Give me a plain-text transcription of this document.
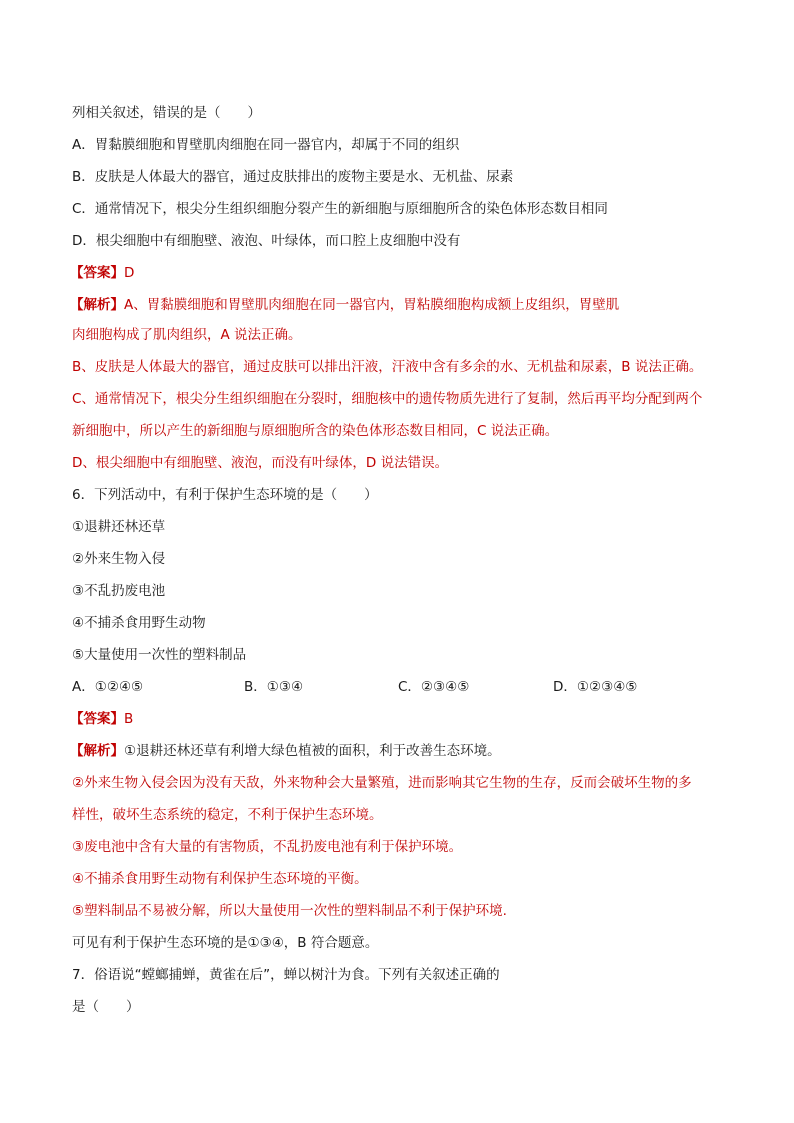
列相关叙述，错误的是（　　）
A．胃黏膜细胞和胃壁肌肉细胞在同一器官内，却属于不同的组织
B．皮肤是人体最大的器官，通过皮肤排出的废物主要是水、无机盐、尿素
C．通常情况下，根尖分生组织细胞分裂产生的新细胞与原细胞所含的染色体形态数目相同
D．根尖细胞中有细胞壁、液泡、叶绿体，而口腔上皮细胞中没有
【答案】D
【解析】A、胃黏膜细胞和胃壁肌肉细胞在同一器官内，胃粘膜细胞构成额上皮组织，胃壁肌
肉细胞构成了肌肉组织，A 说法正确。
B、皮肤是人体最大的器官，通过皮肤可以排出汗液，汗液中含有多余的水、无机盐和尿素，B 说法正确。
C、通常情况下，根尖分生组织细胞在分裂时，细胞核中的遗传物质先进行了复制，然后再平均分配到两个
新细胞中，所以产生的新细胞与原细胞所含的染色体形态数目相同，C 说法正确。
D、根尖细胞中有细胞壁、液泡，而没有叶绿体，D 说法错误。
6．下列活动中，有利于保护生态环境的是（　　）
①退耕还林还草
②外来生物入侵
③不乱扔废电池
④不捕杀食用野生动物
⑤大量使用一次性的塑料制品
A．①②④⑤	B．①③④	C．②③④⑤	D．①②③④⑤
【答案】B
【解析】①退耕还林还草有利增大绿色植被的面积，利于改善生态环境。
②外来生物入侵会因为没有天敌，外来物种会大量繁殖，进而影响其它生物的生存，反而会破坏生物的多
样性，破坏生态系统的稳定，不利于保护生态环境。
③废电池中含有大量的有害物质，不乱扔废电池有利于保护环境。
④不捕杀食用野生动物有利保护生态环境的平衡。
⑤塑料制品不易被分解，所以大量使用一次性的塑料制品不利于保护环境.
可见有利于保护生态环境的是①③④，B 符合题意。
7．俗语说“螳螂捕蝉，黄雀在后”，蝉以树汁为食。下列有关叙述正确的
是（　　）
